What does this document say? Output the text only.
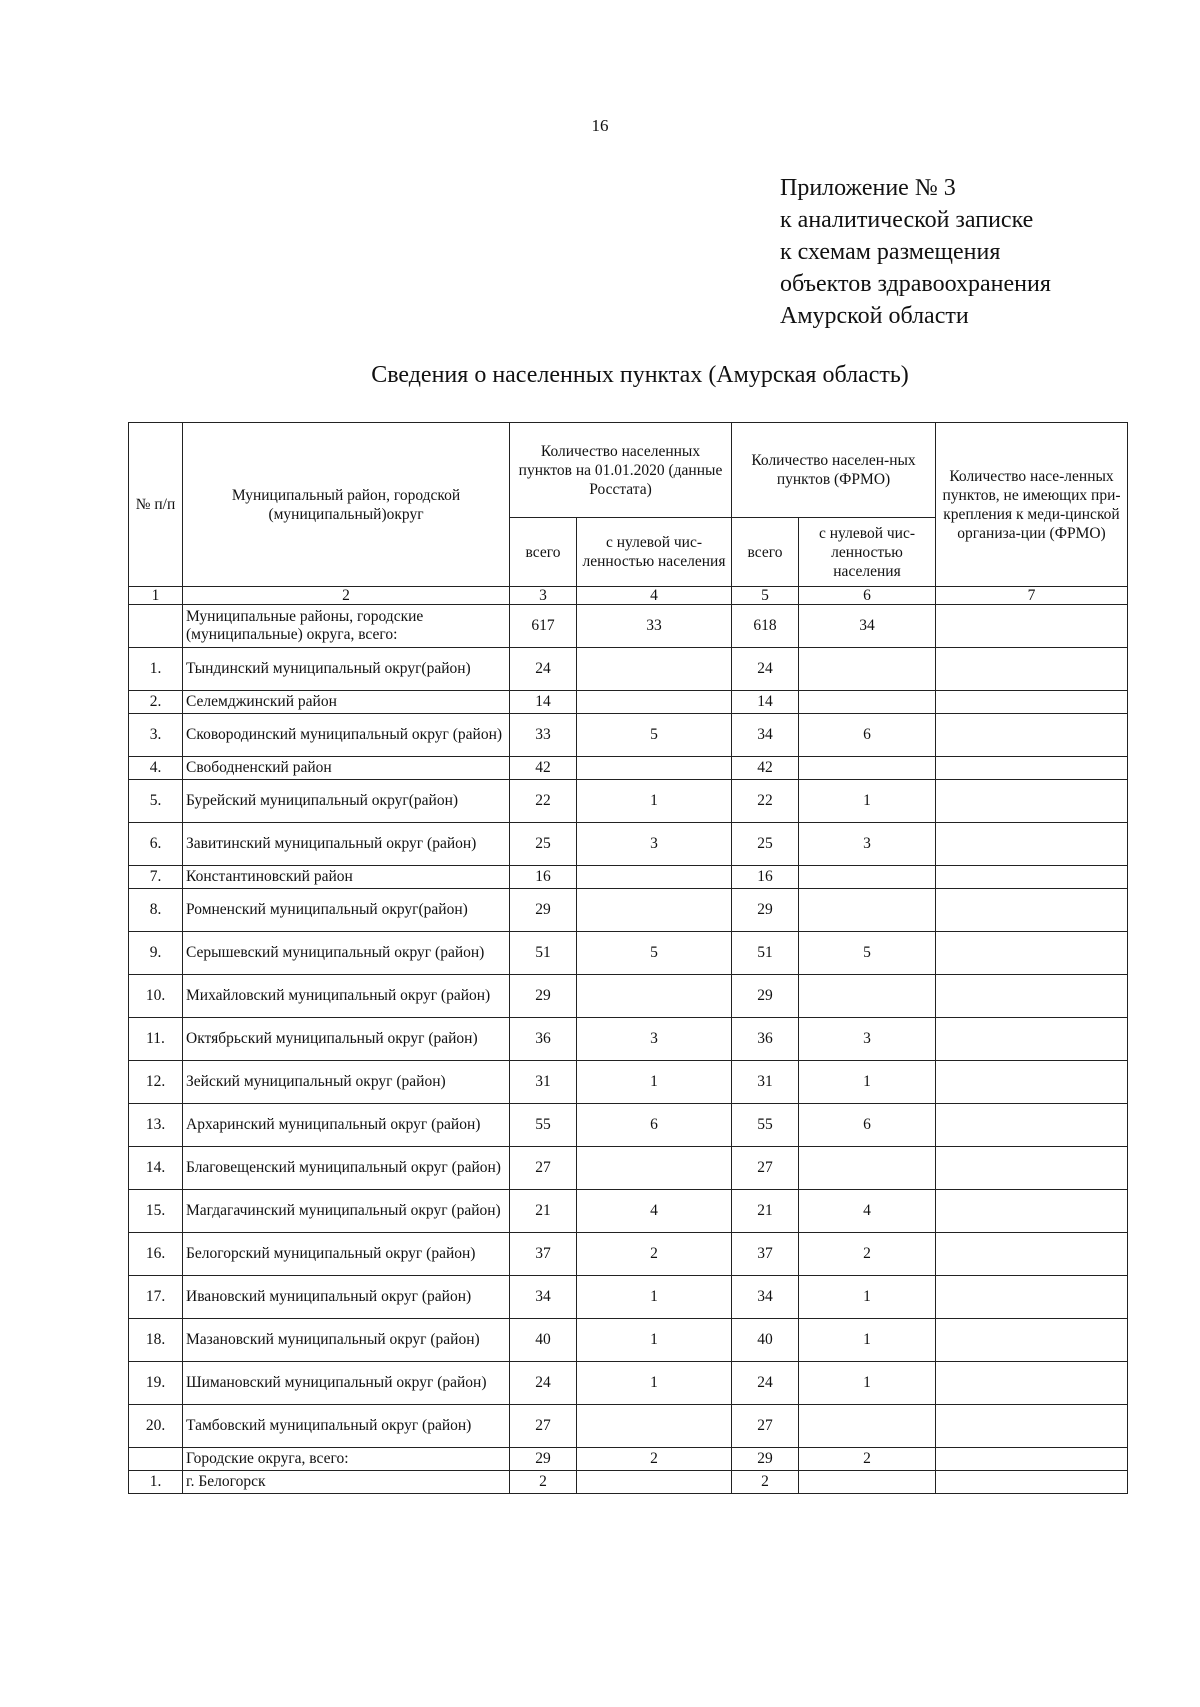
16
Приложение № 3
к аналитической записке
к схемам размещения
объектов здравоохранения
Амурской области
Сведения о населенных пунктах (Амурская область)
№ п/п	Муниципальный район, городской (муниципальный)округ	Количество населенных пунктов на 01.01.2020 (данные Росстата)		Количество населен-ных пунктов (ФРМО)		Количество насе-ленных пунктов, не имеющих при-крепления к меди-цинской организа-ции (ФРМО)
		всего	с нулевой чис-ленностью населения	всего	с нулевой чис-ленностью населения	
1	2	3	4	5	6	7
	Муниципальные районы, городские (муниципальные) округа, всего:	617	33	618	34	
1.	Тындинский муниципальный округ(район)	24		24		
2.	Селемджинский район	14		14		
3.	Сковородинский муниципальный округ (район)	33	5	34	6	
4.	Свободненский район	42		42		
5.	Бурейский муниципальный округ(район)	22	1	22	1	
6.	Завитинский муниципальный округ (район)	25	3	25	3	
7.	Константиновский район	16		16		
8.	Ромненский муниципальный округ(район)	29		29		
9.	Серышевский муниципальный округ (район)	51	5	51	5	
10.	Михайловский муниципальный округ (район)	29		29		
11.	Октябрьский муниципальный округ (район)	36	3	36	3	
12.	Зейский муниципальный округ (район)	31	1	31	1	
13.	Архаринский муниципальный округ (район)	55	6	55	6	
14.	Благовещенский муниципальный округ (район)	27		27		
15.	Магдагачинский муниципальный округ (район)	21	4	21	4	
16.	Белогорский муниципальный округ (район)	37	2	37	2	
17.	Ивановский муниципальный округ (район)	34	1	34	1	
18.	Мазановский муниципальный округ (район)	40	1	40	1	
19.	Шимановский муниципальный округ (район)	24	1	24	1	
20.	Тамбовский муниципальный округ (район)	27		27		
	Городские округа, всего:	29	2	29	2	
1.	г. Белогорск	2		2		
